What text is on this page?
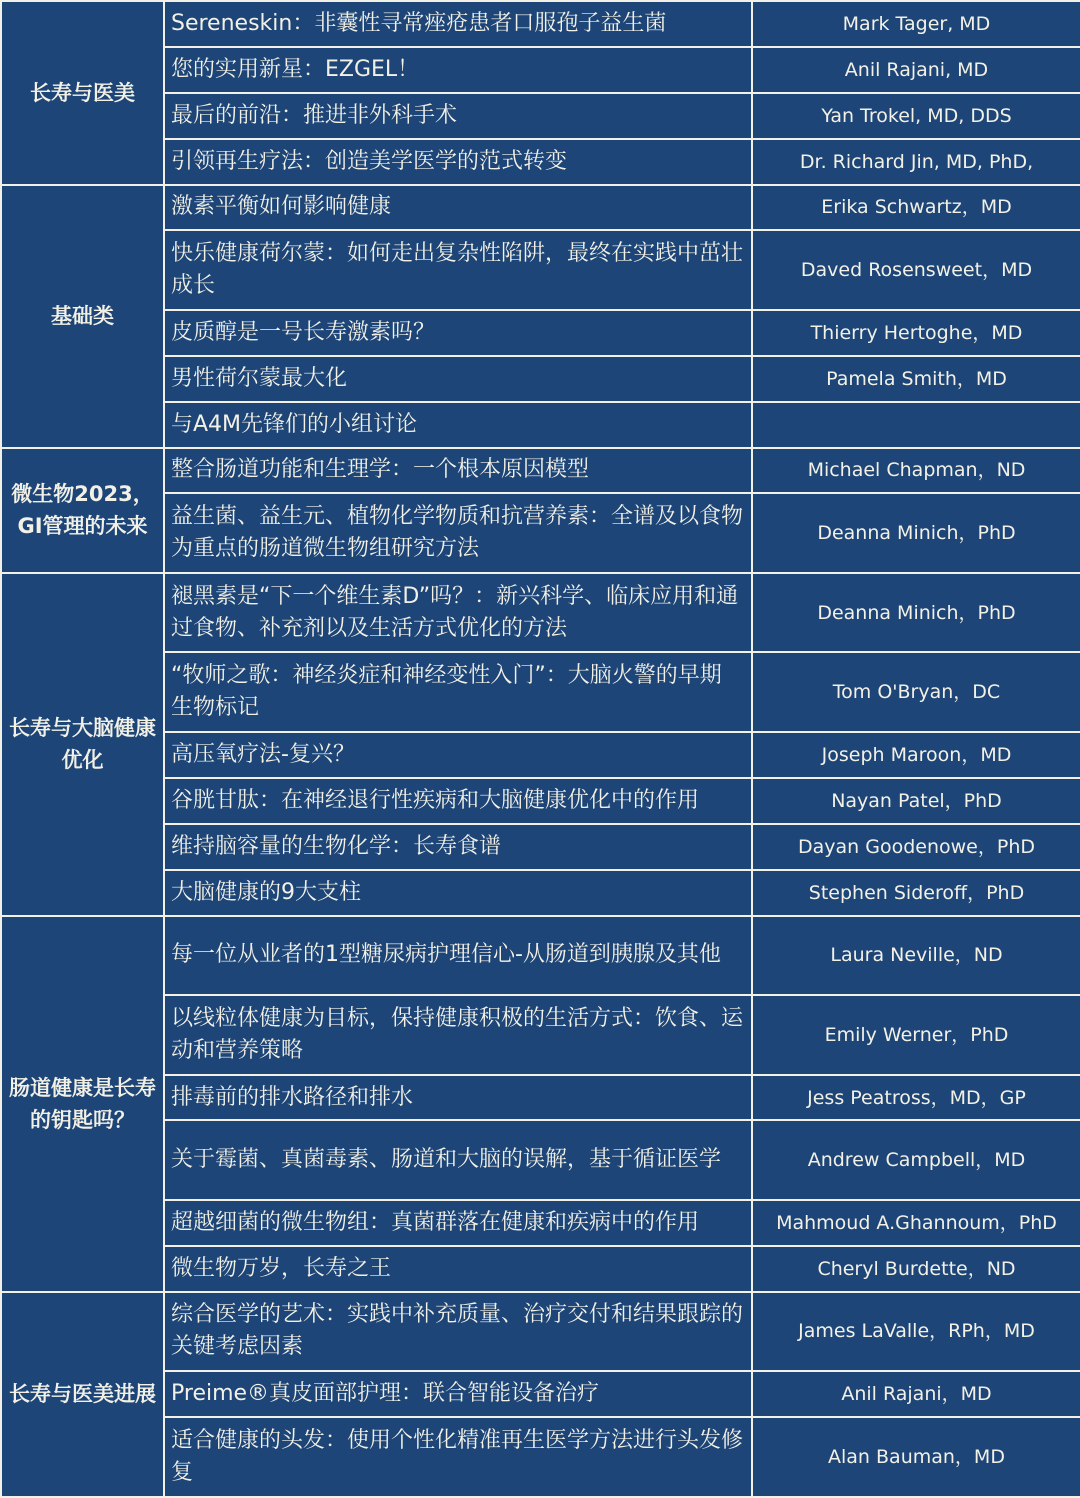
长寿与医美	Sereneskin：非囊性寻常痤疮患者口服孢子益生菌	Mark Tager, MD
	您的实用新星：EZGEL！	Anil Rajani, MD
	最后的前沿：推进非外科手术	Yan Trokel, MD, DDS
	引领再生疗法：创造美学医学的范式转变	Dr. Richard Jin, MD, PhD,
基础类	激素平衡如何影响健康	Erika Schwartz，MD
	快乐健康荷尔蒙：如何走出复杂性陷阱，最终在实践中茁壮成长	Daved Rosensweet，MD
	皮质醇是一号长寿激素吗？	Thierry Hertoghe，MD
	男性荷尔蒙最大化	Pamela Smith，MD
	与A4M先锋们的小组讨论	
微生物2023，GI管理的未来	整合肠道功能和生理学：一个根本原因模型	Michael Chapman，ND
	益生菌、益生元、植物化学物质和抗营养素：全谱及以食物为重点的肠道微生物组研究方法	Deanna Minich，PhD
长寿与大脑健康优化	褪黑素是“下一个维生素D”吗？：新兴科学、临床应用和通过食物、补充剂以及生活方式优化的方法	Deanna Minich，PhD
	“牧师之歌：神经炎症和神经变性入门”：大脑火警的早期生物标记	Tom O'Bryan，DC
	高压氧疗法-复兴？	Joseph Maroon，MD
	谷胱甘肽：在神经退行性疾病和大脑健康优化中的作用	Nayan Patel，PhD
	维持脑容量的生物化学：长寿食谱	Dayan Goodenowe，PhD
	大脑健康的9大支柱	Stephen Sideroff，PhD
肠道健康是长寿的钥匙吗？	每一位从业者的1型糖尿病护理信心-从肠道到胰腺及其他	Laura Neville，ND
	以线粒体健康为目标，保持健康积极的生活方式：饮食、运动和营养策略	Emily Werner，PhD
	排毒前的排水路径和排水	Jess Peatross，MD，GP
	关于霉菌、真菌毒素、肠道和大脑的误解，基于循证医学	Andrew Campbell，MD
	超越细菌的微生物组：真菌群落在健康和疾病中的作用	Mahmoud A.Ghannoum，PhD
	微生物万岁，长寿之王	Cheryl Burdette，ND
长寿与医美进展	综合医学的艺术：实践中补充质量、治疗交付和结果跟踪的关键考虑因素	James LaValle，RPh，MD
	Preime®真皮面部护理：联合智能设备治疗	Anil Rajani，MD
	适合健康的头发：使用个性化精准再生医学方法进行头发修复	Alan Bauman，MD
